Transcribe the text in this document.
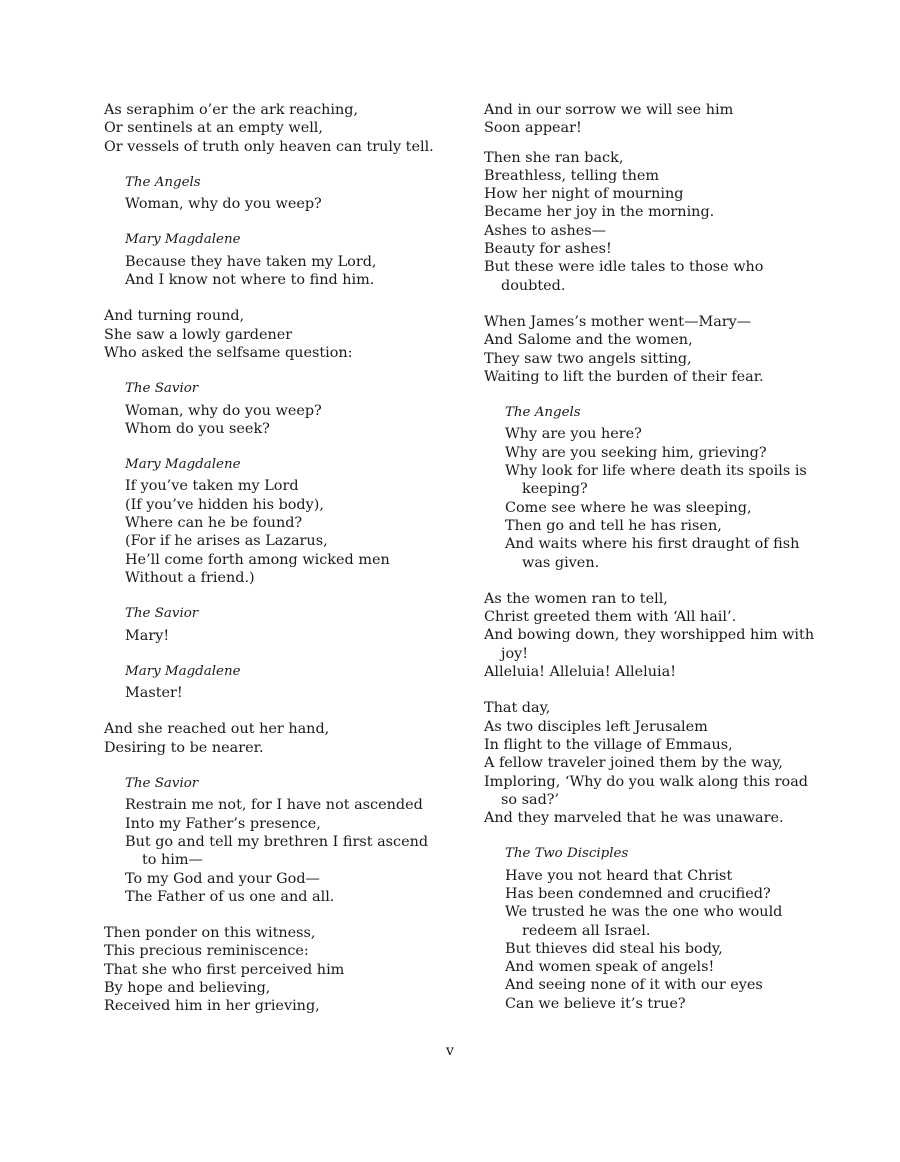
As seraphim o’er the ark reaching,
Or sentinels at an empty well,
Or vessels of truth only heaven can truly tell.
The Angels
Woman, why do you weep?
Mary Magdalene
Because they have taken my Lord,
And I know not where to find him.
And turning round,
She saw a lowly gardener
Who asked the selfsame question:
The Savior
Woman, why do you weep?
Whom do you seek?
Mary Magdalene
If you’ve taken my Lord
(If you’ve hidden his body),
Where can he be found?
(For if he arises as Lazarus,
He’ll come forth among wicked men
Without a friend.)
The Savior
Mary!
Mary Magdalene
Master!
And she reached out her hand,
Desiring to be nearer.
The Savior
Restrain me not, for I have not ascended
Into my Father’s presence,
But go and tell my brethren I first ascend
to him—
To my God and your God—
The Father of us one and all.
Then ponder on this witness,
This precious reminiscence:
That she who first perceived him
By hope and believing,
Received him in her grieving,
And in our sorrow we will see him
Soon appear!
Then she ran back,
Breathless, telling them
How her night of mourning
Became her joy in the morning.
Ashes to ashes—
Beauty for ashes!
But these were idle tales to those who
doubted.
When James’s mother went—Mary—
And Salome and the women,
They saw two angels sitting,
Waiting to lift the burden of their fear.
The Angels
Why are you here?
Why are you seeking him, grieving?
Why look for life where death its spoils is
keeping?
Come see where he was sleeping,
Then go and tell he has risen,
And waits where his first draught of fish
was given.
As the women ran to tell,
Christ greeted them with ‘All hail’.
And bowing down, they worshipped him with
joy!
Alleluia! Alleluia! Alleluia!
That day,
As two disciples left Jerusalem
In flight to the village of Emmaus,
A fellow traveler joined them by the way,
Imploring, ‘Why do you walk along this road
so sad?’
And they marveled that he was unaware.
The Two Disciples
Have you not heard that Christ
Has been condemned and crucified?
We trusted he was the one who would
redeem all Israel.
But thieves did steal his body,
And women speak of angels!
And seeing none of it with our eyes
Can we believe it’s true?
v
